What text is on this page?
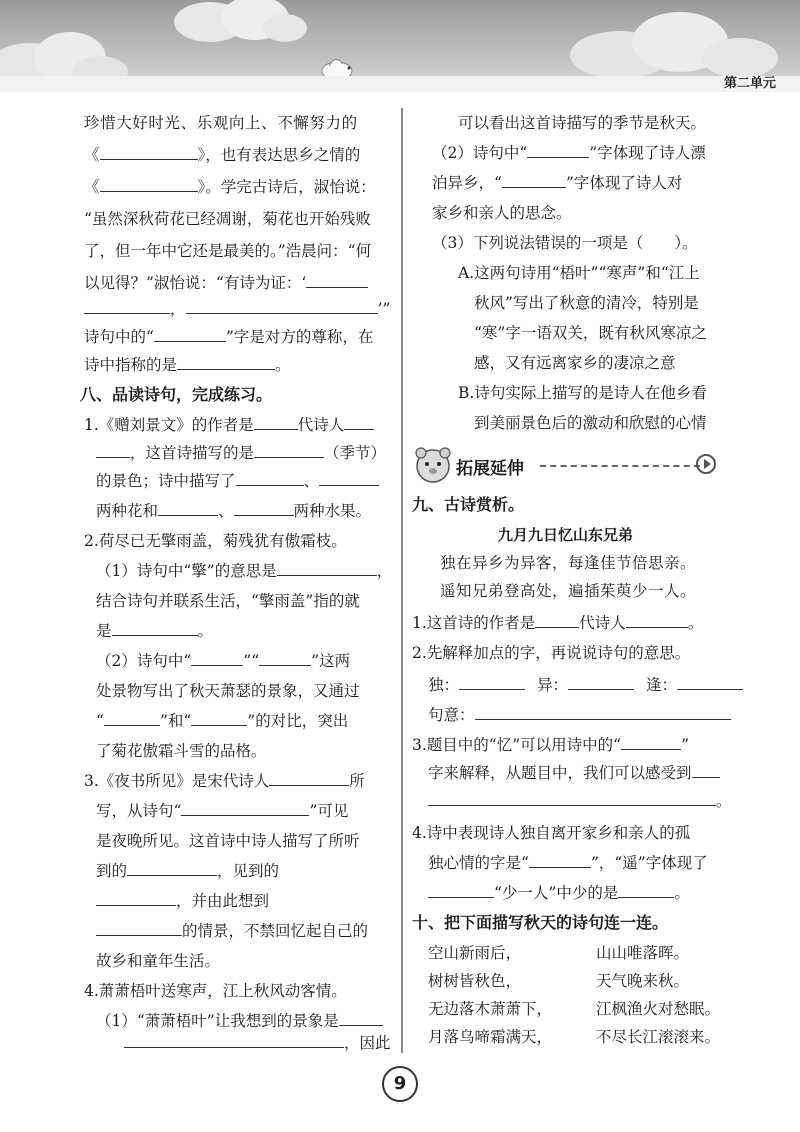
第二单元
珍惜大好时光、乐观向上、不懈努力的
《	》，也有表达思乡之情的
《	》。学完古诗后，淑怡说：
“虽然深秋荷花已经凋谢，菊花也开始残败
了，但一年中它还是最美的。”浩晨问：“何
以见得？”淑怡说：“有诗为证：‘
，	’”
诗句中的“	”字是对方的尊称，在
诗中指称的是	。
八、品读诗句，完成练习。
1.《赠刘景文》的作者是	代诗人
，这首诗描写的是	（季节）
的景色；诗中描写了	、
两种花和	、	两种水果。
2.荷尽已无擎雨盖，菊残犹有傲霜枝。
（1）诗句中“擎”的意思是	，
结合诗句并联系生活，“擎雨盖”指的就
是	。
（2）诗句中“	”“	”这两
处景物写出了秋天萧瑟的景象，又通过
“	”和“	”的对比，突出
了菊花傲霜斗雪的品格。
3.《夜书所见》是宋代诗人	所
写，从诗句“	”可见
是夜晚所见。这首诗中诗人描写了所听
到的	，见到的
，并由此想到
的情景，不禁回忆起自己的
故乡和童年生活。
4.萧萧梧叶送寒声，江上秋风动客情。
（1）“萧萧梧叶”让我想到的景象是
，因此
可以看出这首诗描写的季节是秋天。
（2）诗句中“	”字体现了诗人漂
泊异乡，“	”字体现了诗人对
家乡和亲人的思念。
（3）下列说法错误的一项是（　　）。
A.这两句诗用“梧叶”“寒声”和“江上
秋风”写出了秋意的清冷，特别是
“寒”字一语双关，既有秋风寒凉之
感，又有远离家乡的凄凉之意
B.诗句实际上描写的是诗人在他乡看
到美丽景色后的激动和欣慰的心情
拓展延伸
九、古诗赏析。
九月九日忆山东兄弟
独在异乡为异客，每逢佳节倍思亲。
遥知兄弟登高处，遍插茱萸少一人。
1.这首诗的作者是	代诗人	。
2.先解释加点的字，再说说诗句的意思。
独：	异：	逢：
句意：
3.题目中的“忆”可以用诗中的“	”
字来解释，从题目中，我们可以感受到
。
4.诗中表现诗人独自离开家乡和亲人的孤
独心情的字是“	”，“遥”字体现了
“少一人”中少的是	。
十、把下面描写秋天的诗句连一连。
空山新雨后，	山山唯落晖。
树树皆秋色，	天气晚来秋。
无边落木萧萧下，	江枫渔火对愁眠。
月落乌啼霜满天，	不尽长江滚滚来。
9
